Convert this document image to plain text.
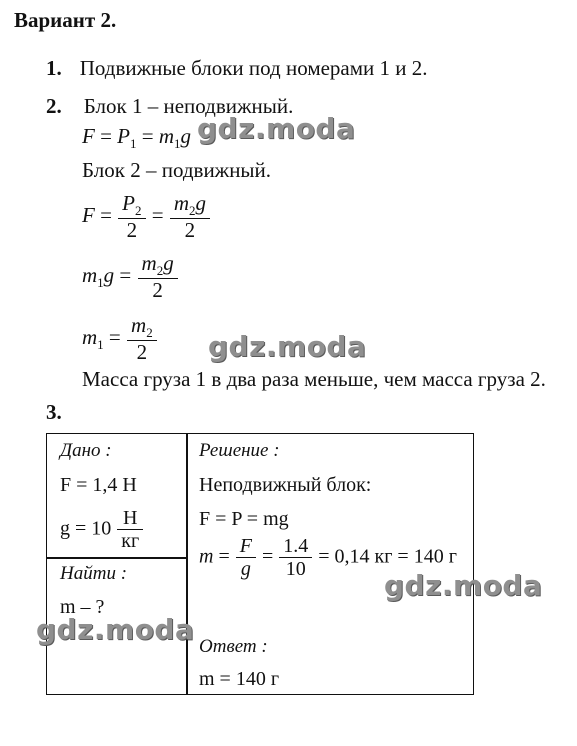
Вариант 2.
1. Подвижные блоки под номерами 1 и 2.
2. Блок 1 – неподвижный.
$F = P_1 = m_1g$
Блок 2 – подвижный.
$F = \frac{P_2}{2} = \frac{m_2g}{2}$
$m_1g = \frac{m_2g}{2}$
$m_1 = \frac{m_2}{2}$
Масса груза 1 в два раза меньше, чем масса груза 2.
3.
Дано :
F = 1,4 Н
$g = 10 \frac{Н}{кг}$
Найти :
m – ?
Решение :
Неподвижный блок:
F = P = mg
$m = \frac{F}{g} = \frac{1.4}{10} = 0,14$ кг = 140 г
Ответ :
m = 140 г
gdz.moda
gdz.moda
gdz.moda
gdz.moda
